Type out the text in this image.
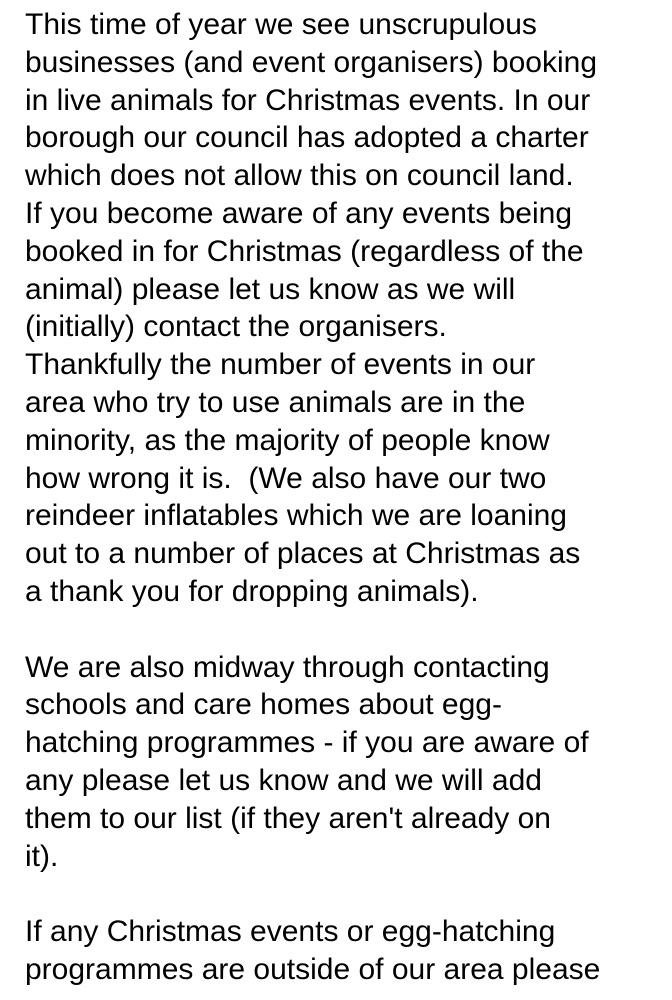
This time of year we see unscrupulous
businesses (and event organisers) booking
in live animals for Christmas events. In our
borough our council has adopted a charter
which does not allow this on council land.
If you become aware of any events being
booked in for Christmas (regardless of the
animal) please let us know as we will
(initially) contact the organisers.
Thankfully the number of events in our
area who try to use animals are in the
minority, as the majority of people know
how wrong it is.  (We also have our two
reindeer inflatables which we are loaning
out to a number of places at Christmas as
a thank you for dropping animals).
We are also midway through contacting
schools and care homes about egg-
hatching programmes - if you are aware of
any please let us know and we will add
them to our list (if they aren't already on
it).
If any Christmas events or egg-hatching
programmes are outside of our area please
